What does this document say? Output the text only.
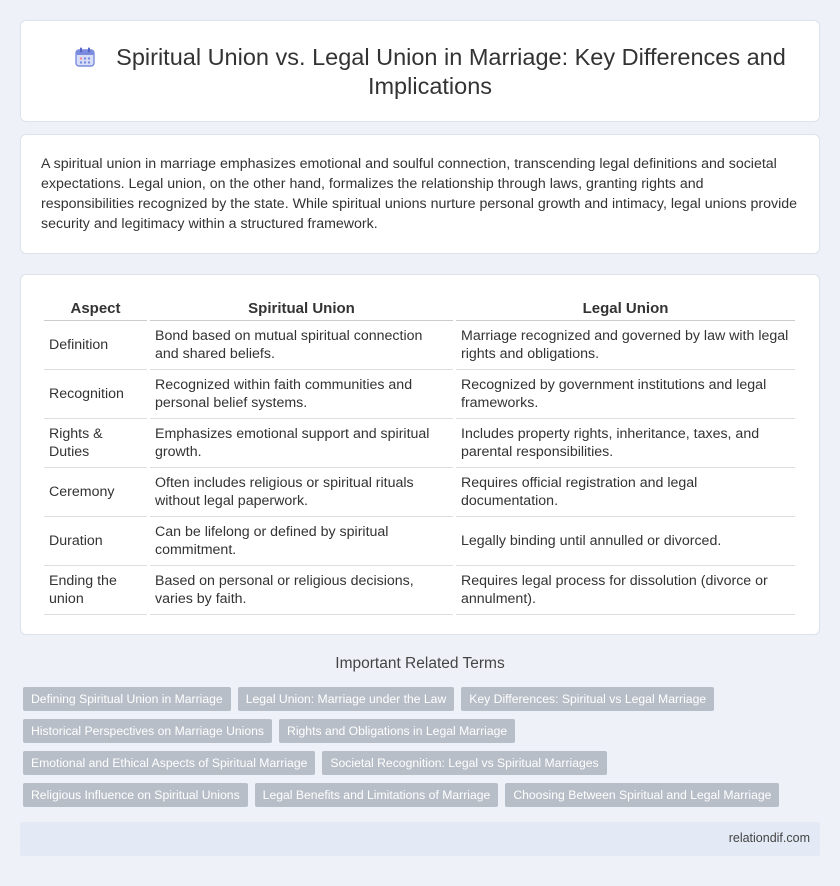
Spiritual Union vs. Legal Union in Marriage: Key Differences and Implications

A spiritual union in marriage emphasizes emotional and soulful connection, transcending legal definitions and societal expectations. Legal union, on the other hand, formalizes the relationship through laws, granting rights and responsibilities recognized by the state. While spiritual unions nurture personal growth and intimacy, legal unions provide security and legitimacy within a structured framework.

Aspect	Spiritual Union	Legal Union
Definition	Bond based on mutual spiritual connection and shared beliefs.	Marriage recognized and governed by law with legal rights and obligations.
Recognition	Recognized within faith communities and personal belief systems.	Recognized by government institutions and legal frameworks.
Rights & Duties	Emphasizes emotional support and spiritual growth.	Includes property rights, inheritance, taxes, and parental responsibilities.
Ceremony	Often includes religious or spiritual rituals without legal paperwork.	Requires official registration and legal documentation.
Duration	Can be lifelong or defined by spiritual commitment.	Legally binding until annulled or divorced.
Ending the union	Based on personal or religious decisions, varies by faith.	Requires legal process for dissolution (divorce or annulment).
Important Related Terms
Defining Spiritual Union in Marriage	Legal Union: Marriage under the Law	Key Differences: Spiritual vs Legal Marriage
Historical Perspectives on Marriage Unions	Rights and Obligations in Legal Marriage
Emotional and Ethical Aspects of Spiritual Marriage	Societal Recognition: Legal vs Spiritual Marriages
Religious Influence on Spiritual Unions	Legal Benefits and Limitations of Marriage	Choosing Between Spiritual and Legal Marriage
relationdif.com
